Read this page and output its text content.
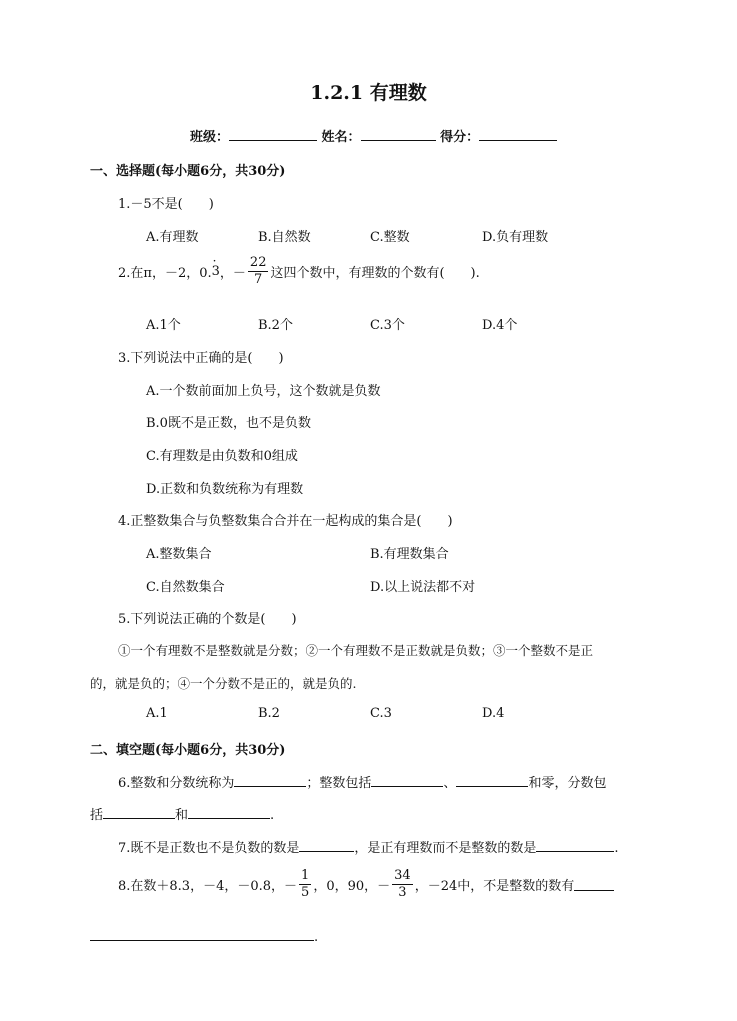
1.2.1 有理数
班级：	姓名：	得分：
一、选择题(每小题6分，共30分)
1.－5不是(　　)
A.有理数	B.自然数	C.整数	D.负有理数
2.在π，－2，0.
· 3 ，－ $\frac{22}{7}$ 这四个数中，有理数的个数有(　　).
A.1个	B.2个	C.3个	D.4个
3.下列说法中正确的是(　　)
A.一个数前面加上负号，这个数就是负数
B.0既不是正数，也不是负数
C.有理数是由负数和0组成
D.正数和负数统称为有理数
4.正整数集合与负整数集合合并在一起构成的集合是(　　)
A.整数集合	B.有理数集合
C.自然数集合	D.以上说法都不对
5.下列说法正确的个数是(　　)
①一个有理数不是整数就是分数；②一个有理数不是正数就是负数；③一个整数不是正
的，就是负的；④一个分数不是正的，就是负的.
A.1	B.2	C.3	D.4
二、填空题(每小题6分，共30分)
6.整数和分数统称为	；整数包括	、	和零，分数包
括	和	.
7.既不是正数也不是负数的数是	，是正有理数而不是整数的数是	.
8.在数＋8.3，－4，－0.8，－ $\frac{1}{5}$ ，0，90，－ $\frac{34}{3}$ ，－24中，不是整数的数有
.
